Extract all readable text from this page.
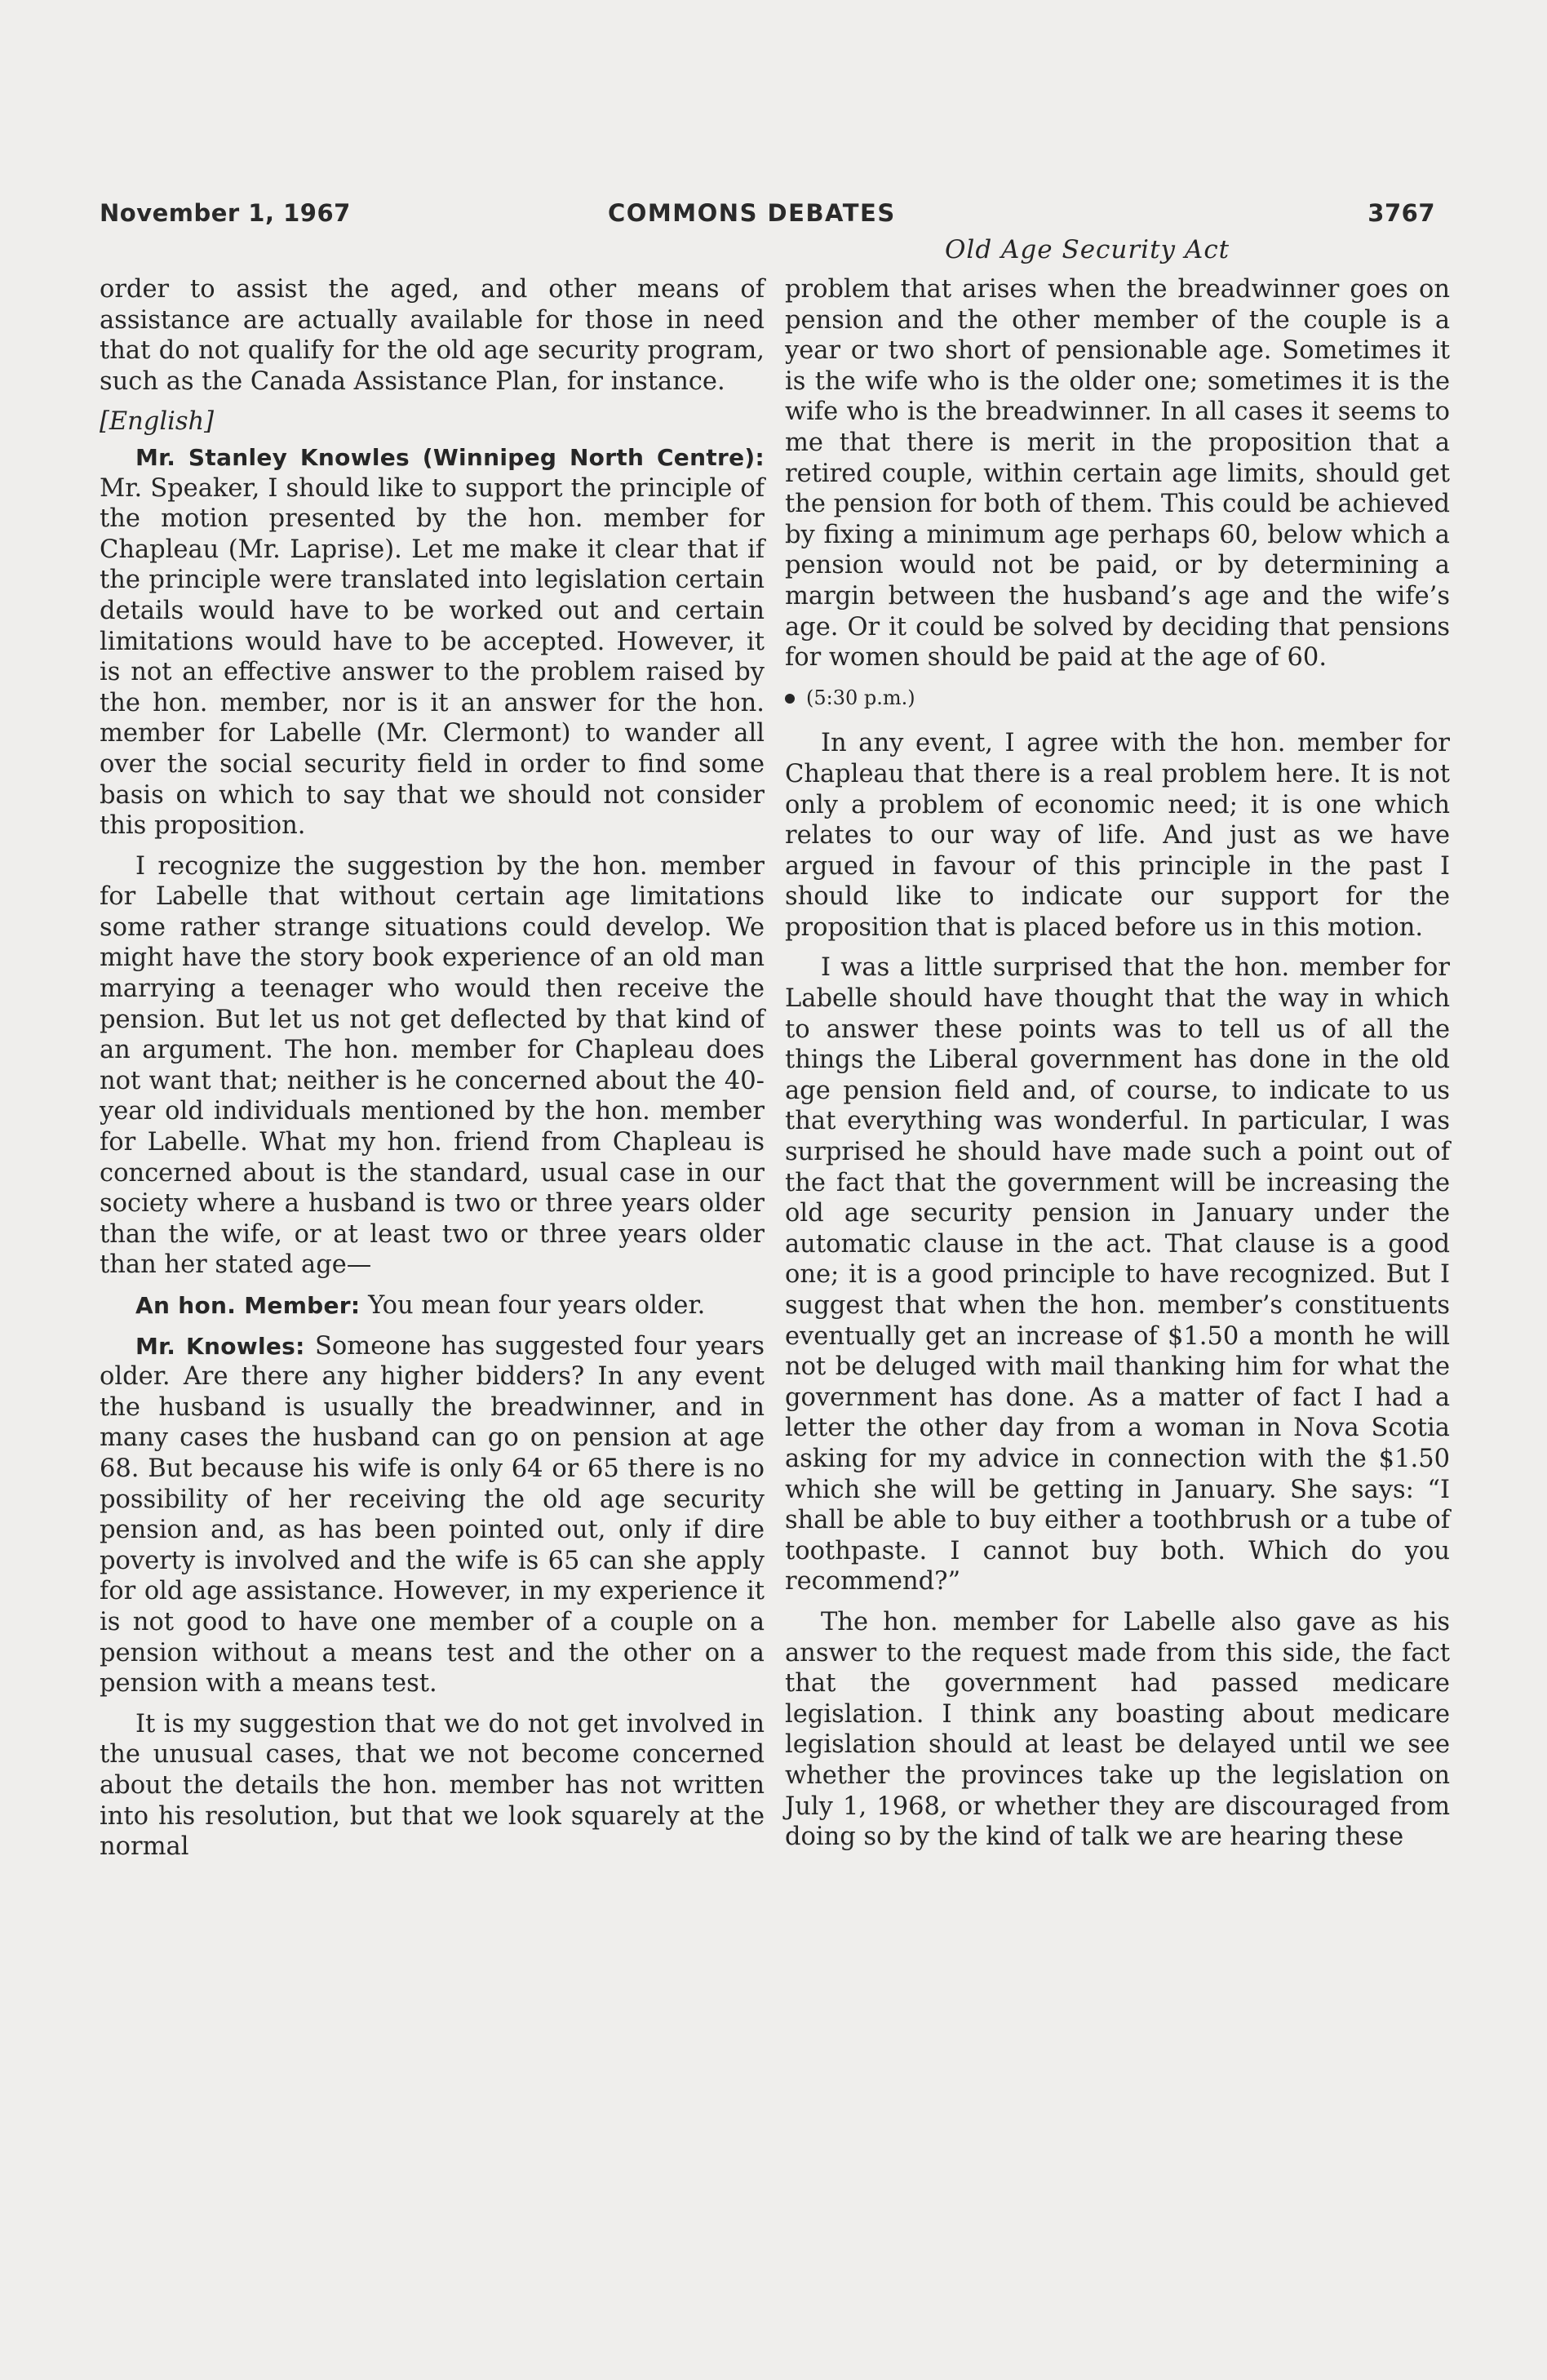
November 1, 1967	COMMONS DEBATES	3767
Old Age Security Act

order to assist the aged, and other means of assistance are actually available for those in need that do not qualify for the old age security program, such as the Canada Assistance Plan, for instance.

[English]

Mr. Stanley Knowles (Winnipeg North Centre): Mr. Speaker, I should like to support the principle of the motion presented by the hon. member for Chapleau (Mr. Laprise). Let me make it clear that if the principle were translated into legislation certain details would have to be worked out and certain limitations would have to be accepted. However, it is not an effective answer to the problem raised by the hon. member, nor is it an answer for the hon. member for Labelle (Mr. Clermont) to wander all over the social security field in order to find some basis on which to say that we should not consider this proposition.

I recognize the suggestion by the hon. member for Labelle that without certain age limitations some rather strange situations could develop. We might have the story book experience of an old man marrying a teenager who would then receive the pension. But let us not get deflected by that kind of an argument. The hon. member for Chapleau does not want that; neither is he concerned about the 40-year old individuals mentioned by the hon. member for Labelle. What my hon. friend from Chapleau is concerned about is the standard, usual case in our society where a husband is two or three years older than the wife, or at least two or three years older than her stated age—

An hon. Member: You mean four years older.

Mr. Knowles: Someone has suggested four years older. Are there any higher bidders? In any event the husband is usually the breadwinner, and in many cases the husband can go on pension at age 68. But because his wife is only 64 or 65 there is no possibility of her receiving the old age security pension and, as has been pointed out, only if dire poverty is involved and the wife is 65 can she apply for old age assistance. However, in my experience it is not good to have one member of a couple on a pension without a means test and the other on a pension with a means test.

It is my suggestion that we do not get involved in the unusual cases, that we not become concerned about the details the hon. member has not written into his resolution, but that we look squarely at the normal

problem that arises when the breadwinner goes on pension and the other member of the couple is a year or two short of pensionable age. Sometimes it is the wife who is the older one; sometimes it is the wife who is the breadwinner. In all cases it seems to me that there is merit in the proposition that a retired couple, within certain age limits, should get the pension for both of them. This could be achieved by fixing a minimum age perhaps 60, below which a pension would not be paid, or by determining a margin between the husband’s age and the wife’s age. Or it could be solved by deciding that pensions for women should be paid at the age of 60.

(5:30 p.m.)

In any event, I agree with the hon. member for Chapleau that there is a real problem here. It is not only a problem of economic need; it is one which relates to our way of life. And just as we have argued in favour of this principle in the past I should like to indicate our support for the proposition that is placed before us in this motion.

I was a little surprised that the hon. member for Labelle should have thought that the way in which to answer these points was to tell us of all the things the Liberal government has done in the old age pension field and, of course, to indicate to us that everything was wonderful. In particular, I was surprised he should have made such a point out of the fact that the government will be increasing the old age security pension in January under the automatic clause in the act. That clause is a good one; it is a good principle to have recognized. But I suggest that when the hon. member’s constituents eventually get an increase of $1.50 a month he will not be deluged with mail thanking him for what the government has done. As a matter of fact I had a letter the other day from a woman in Nova Scotia asking for my advice in connection with the $1.50 which she will be getting in January. She says: “I shall be able to buy either a toothbrush or a tube of toothpaste. I cannot buy both. Which do you recommend?”

The hon. member for Labelle also gave as his answer to the request made from this side, the fact that the government had passed medicare legislation. I think any boasting about medicare legislation should at least be delayed until we see whether the provinces take up the legislation on July 1, 1968, or whether they are discouraged from doing so by the kind of talk we are hearing these
